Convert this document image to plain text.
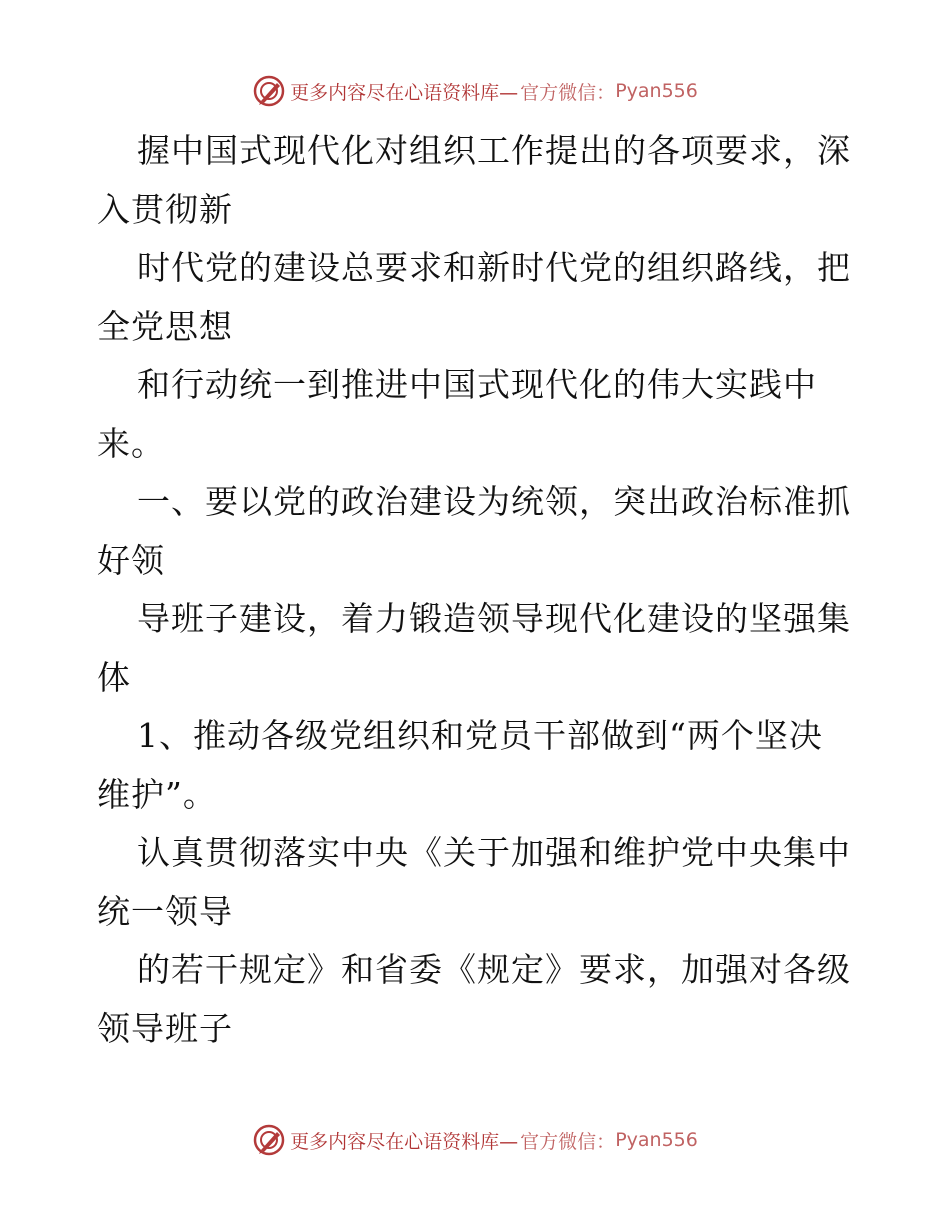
更多内容尽在心语资料库— 官方微信： Pyan556
握中国式现代化对组织工作提出的各项要求，深
入贯彻新
时代党的建设总要求和新时代党的组织路线，把
全党思想
和行动统一到推进中国式现代化的伟大实践中
来。
一、要以党的政治建设为统领，突出政治标准抓
好领
导班子建设，着力锻造领导现代化建设的坚强集
体
1、推动各级党组织和党员干部做到“两个坚决
维护”。
认真贯彻落实中央《关于加强和维护党中央集中
统一领导
的若干规定》和省委《规定》要求，加强对各级
领导班子
更多内容尽在心语资料库— 官方微信： Pyan556
